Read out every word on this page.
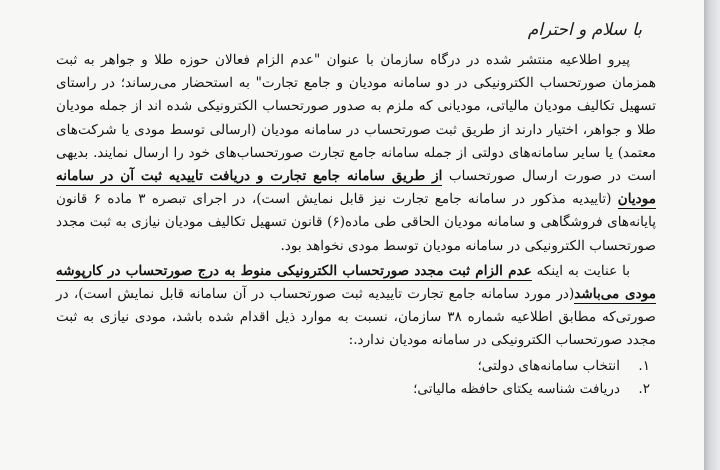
با سلام و احترام

پیرو اطلاعیه منتشر شده در درگاه سازمان با عنوان "عدم الزام فعالان حوزه طلا و جواهر به ثبت همزمان صورتحساب الکترونیکی در دو سامانه مودیان و جامع تجارت" به استحضار می‌رساند؛ در راستای تسهیل تکالیف مودیان مالیاتی، مودیانی که ملزم به صدور صورتحساب الکترونیکی شده اند از جمله مودیان طلا و جواهر، اختیار دارند از طریق ثبت صورتحساب در سامانه مودیان (ارسالی توسط مودی یا شرکت‌های معتمد) یا سایر سامانه‌های دولتی از جمله سامانه جامع تجارت صورتحساب‌های خود را ارسال نمایند. بدیهی است در صورت ارسال صورتحساب از طریق سامانه جامع تجارت و دریافت تاییدیه ثبت آن در سامانه مودیان (تاییدیه مذکور در سامانه جامع تجارت نیز قابل نمایش است)، در اجرای تبصره ۳ ماده ۶ قانون پایانه‌های فروشگاهی و سامانه مودیان الحاقی طی ماده(۶) قانون تسهیل تکالیف مودیان نیازی به ثبت مجدد صورتحساب الکترونیکی در سامانه مودیان توسط مودی نخواهد بود.

با عنایت به اینکه عدم الزام ثبت مجدد صورتحساب الکترونیکی منوط به درج صورتحساب در کارپوشه مودی می‌باشد(در مورد سامانه جامع تجارت تاییدیه ثبت صورتحساب در آن سامانه قابل نمایش است)، در صورتی‌که مطابق اطلاعیه شماره ۳۸ سازمان، نسبت به موارد ذیل اقدام شده باشد، مودی نیازی به ثبت مجدد صورتحساب الکترونیکی در سامانه مودیان ندارد.:

۱.
انتخاب سامانه‌های دولتی؛
۲.
دریافت شناسه یکتای حافظه مالیاتی؛
